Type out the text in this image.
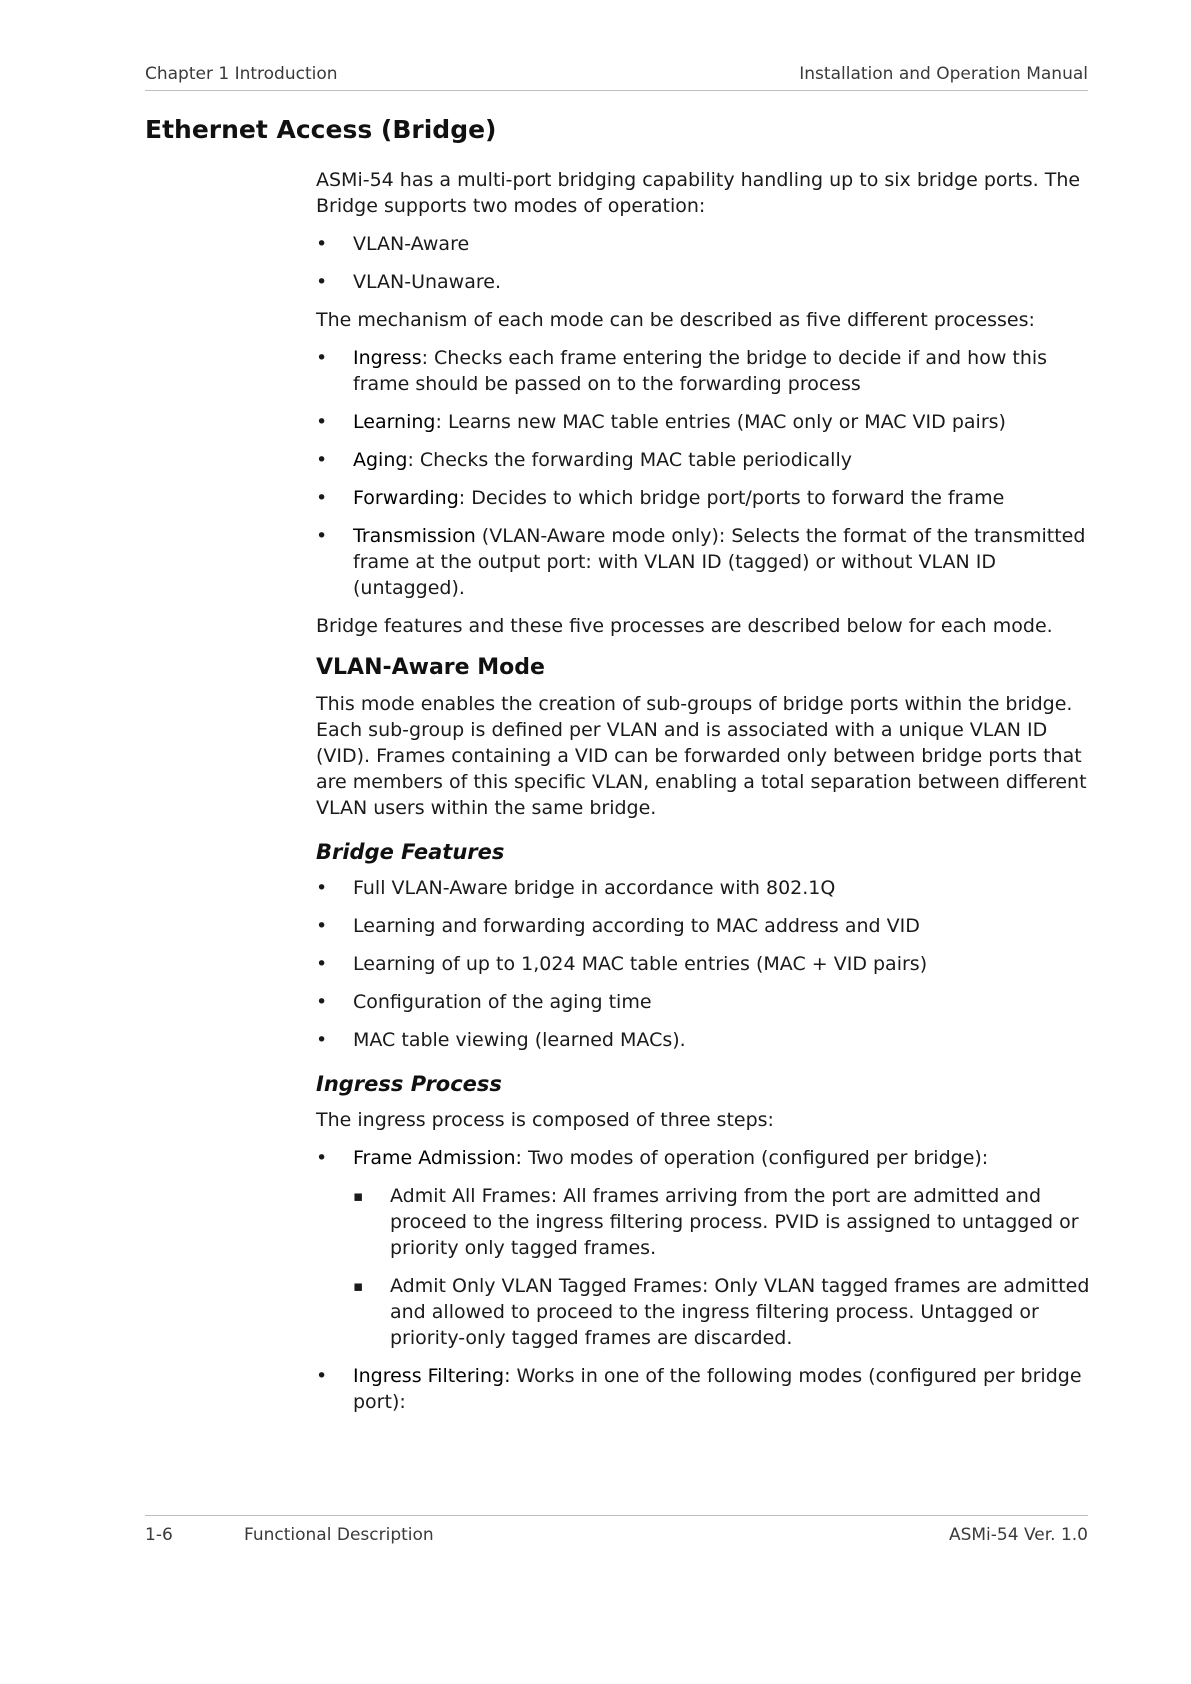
Chapter 1 Introduction	Installation and Operation Manual
Ethernet Access (Bridge)

ASMi-54 has a multi-port bridging capability handling up to six bridge ports. The Bridge supports two modes of operation:

• VLAN-Aware
• VLAN-Unaware.

The mechanism of each mode can be described as five different processes:

• Ingress: Checks each frame entering the bridge to decide if and how this frame should be passed on to the forwarding process
• Learning: Learns new MAC table entries (MAC only or MAC VID pairs)
• Aging: Checks the forwarding MAC table periodically
• Forwarding: Decides to which bridge port/ports to forward the frame
• Transmission (VLAN-Aware mode only): Selects the format of the transmitted frame at the output port: with VLAN ID (tagged) or without VLAN ID (untagged).

Bridge features and these five processes are described below for each mode.

VLAN-Aware Mode

This mode enables the creation of sub-groups of bridge ports within the bridge. Each sub-group is defined per VLAN and is associated with a unique VLAN ID (VID). Frames containing a VID can be forwarded only between bridge ports that are members of this specific VLAN, enabling a total separation between different VLAN users within the same bridge.

Bridge Features
• Full VLAN-Aware bridge in accordance with 802.1Q
• Learning and forwarding according to MAC address and VID
• Learning of up to 1,024 MAC table entries (MAC + VID pairs)
• Configuration of the aging time
• MAC table viewing (learned MACs).
Ingress Process

The ingress process is composed of three steps:

• Frame Admission: Two modes of operation (configured per bridge):
▪ Admit All Frames: All frames arriving from the port are admitted and proceed to the ingress filtering process. PVID is assigned to untagged or priority only tagged frames.
▪ Admit Only VLAN Tagged Frames: Only VLAN tagged frames are admitted and allowed to proceed to the ingress filtering process. Untagged or priority-only tagged frames are discarded.
• Ingress Filtering: Works in one of the following modes (configured per bridge port):
1-6	Functional Description	ASMi-54 Ver. 1.0
